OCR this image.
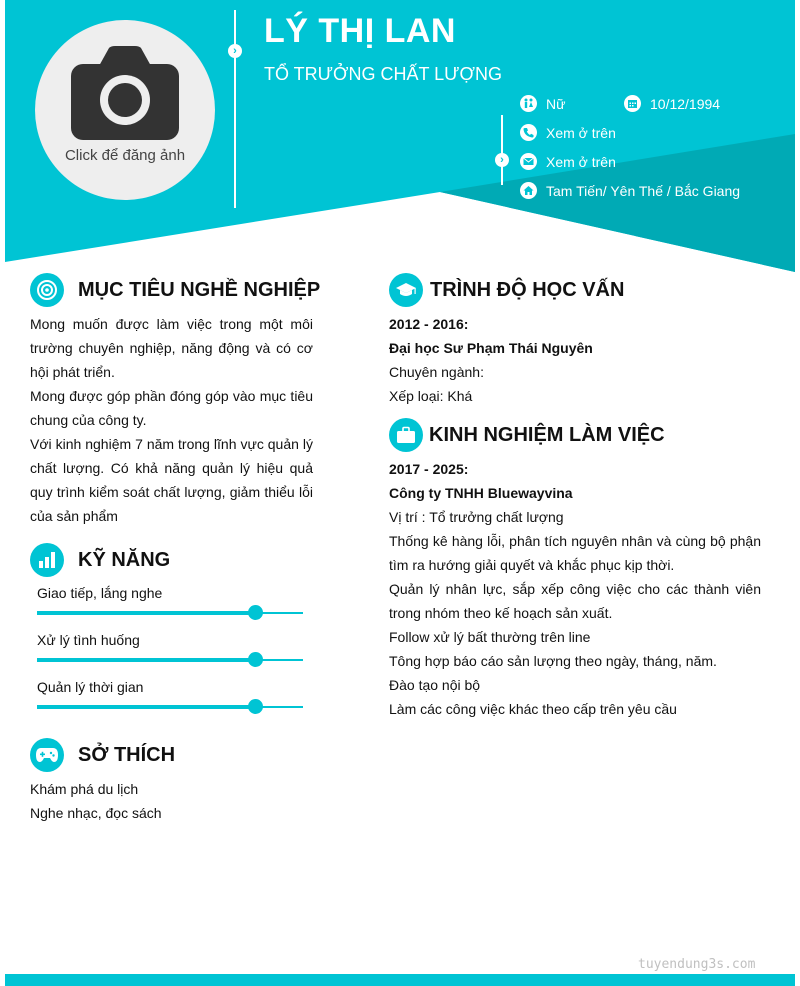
Click để đăng ảnh
›
›
LÝ THỊ LAN
TỔ TRƯỞNG CHẤT LƯỢNG
Nữ	10/12/1994
Xem ở trên
Xem ở trên
Tam Tiến/ Yên Thế / Bắc Giang
MỤC TIÊU NGHỀ NGHIỆP
Mong muốn được làm việc trong một môi trường chuyên nghiệp, năng động và có cơ hội phát triển.
Mong được góp phần đóng góp vào mục tiêu chung của công ty.
Với kinh nghiệm 7 năm trong lĩnh vực quản lý chất lượng. Có khả năng quản lý hiệu quả quy trình kiểm soát chất lượng, giảm thiểu lỗi của sản phẩm
KỸ NĂNG
Giao tiếp, lắng nghe
Xử lý tình huống
Quản lý thời gian
SỞ THÍCH
Khám phá du lịch
Nghe nhạc, đọc sách
TRÌNH ĐỘ HỌC VẤN
2012 - 2016:
Đại học Sư Phạm Thái Nguyên
Chuyên ngành:
Xếp loại: Khá
KINH NGHIỆM LÀM VIỆC
2017 - 2025:
Công ty TNHH Bluewayvina
Vị trí : Tổ trưởng chất lượng
Thống kê hàng lỗi, phân tích nguyên nhân và cùng bộ phận tìm ra hướng giải quyết và khắc phục kịp thời.
Quản lý nhân lực, sắp xếp công việc cho các thành viên trong nhóm theo kế hoạch sản xuất.
Follow xử lý bất thường trên line
Tông hợp báo cáo sản lượng theo ngày, tháng, năm.
Đào tạo nội bộ
Làm các công việc khác theo cấp trên yêu cầu
tuyendung3s.com
